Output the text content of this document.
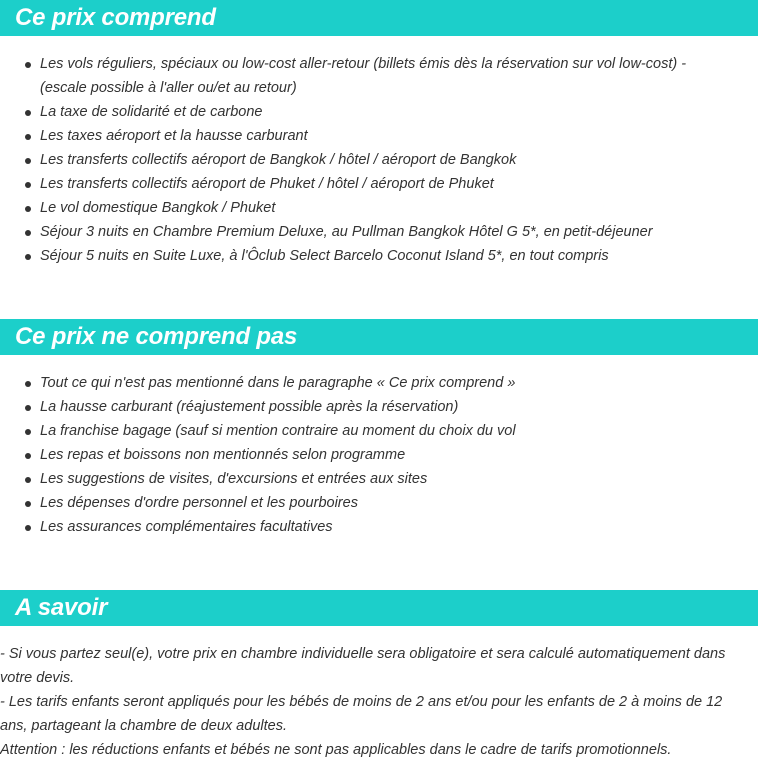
Ce prix comprend
Les vols réguliers, spéciaux ou low-cost aller-retour (billets émis dès la réservation sur vol low-cost) - (escale possible à l'aller ou/et au retour)
La taxe de solidarité et de carbone
Les taxes aéroport et la hausse carburant
Les transferts collectifs aéroport de Bangkok / hôtel / aéroport de Bangkok
Les transferts collectifs aéroport de Phuket / hôtel / aéroport de Phuket
Le vol domestique Bangkok / Phuket
Séjour 3 nuits en Chambre Premium Deluxe, au Pullman Bangkok Hôtel G 5*, en petit-déjeuner
Séjour 5 nuits en Suite Luxe, à l'Ôclub Select Barcelo Coconut Island 5*, en tout compris
Ce prix ne comprend pas
Tout ce qui n'est pas mentionné dans le paragraphe « Ce prix comprend »
La hausse carburant (réajustement possible après la réservation)
La franchise bagage (sauf si mention contraire au moment du choix du vol
Les repas et boissons non mentionnés selon programme
Les suggestions de visites, d'excursions et entrées aux sites
Les dépenses d'ordre personnel et les pourboires
Les assurances complémentaires facultatives
A savoir

- Si vous partez seul(e), votre prix en chambre individuelle sera obligatoire et sera calculé automatiquement dans votre devis.

- Les tarifs enfants seront appliqués pour les bébés de moins de 2 ans et/ou pour les enfants de 2 à moins de 12 ans, partageant la chambre de deux adultes.

Attention : les réductions enfants et bébés ne sont pas applicables dans le cadre de tarifs promotionnels.
